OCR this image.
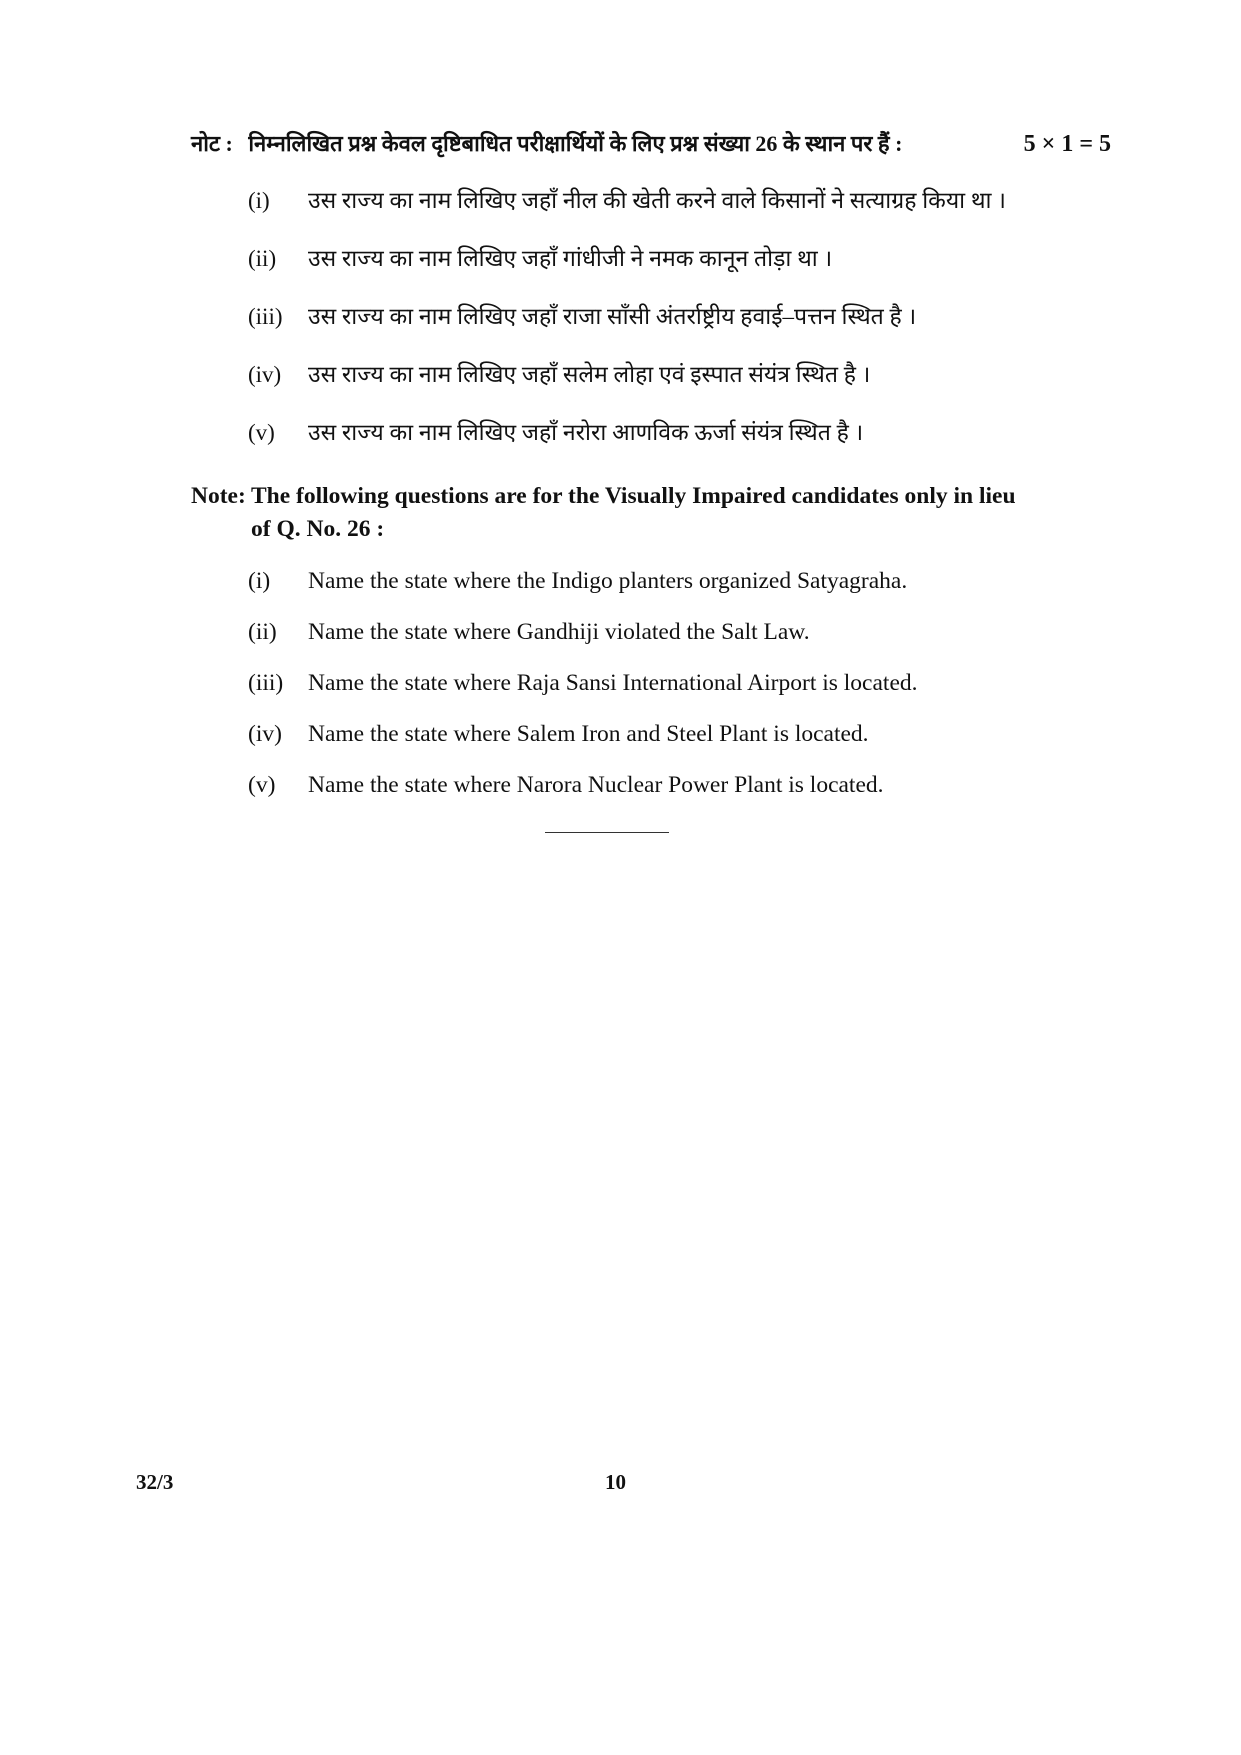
नोट : निम्नलिखित प्रश्न केवल दृष्टिबाधित परीक्षार्थियों के लिए प्रश्न संख्या 26 के स्थान पर हैं :	5 × 1 = 5
(i) उस राज्य का नाम लिखिए जहाँ नील की खेती करने वाले किसानों ने सत्याग्रह किया था ।
(ii) उस राज्य का नाम लिखिए जहाँ गांधीजी ने नमक कानून तोड़ा था ।
(iii) उस राज्य का नाम लिखिए जहाँ राजा साँसी अंतर्राष्ट्रीय हवाई–पत्तन स्थित है ।
(iv) उस राज्य का नाम लिखिए जहाँ सलेम लोहा एवं इस्पात संयंत्र स्थित है ।
(v) उस राज्य का नाम लिखिए जहाँ नरोरा आणविक ऊर्जा संयंत्र स्थित है ।
Note: The following questions are for the Visually Impaired candidates only in lieu
of Q. No. 26 :
(i) Name the state where the Indigo planters organized Satyagraha.
(ii) Name the state where Gandhiji violated the Salt Law.
(iii) Name the state where Raja Sansi International Airport is located.
(iv) Name the state where Salem Iron and Steel Plant is located.
(v) Name the state where Narora Nuclear Power Plant is located.
32/3	10
